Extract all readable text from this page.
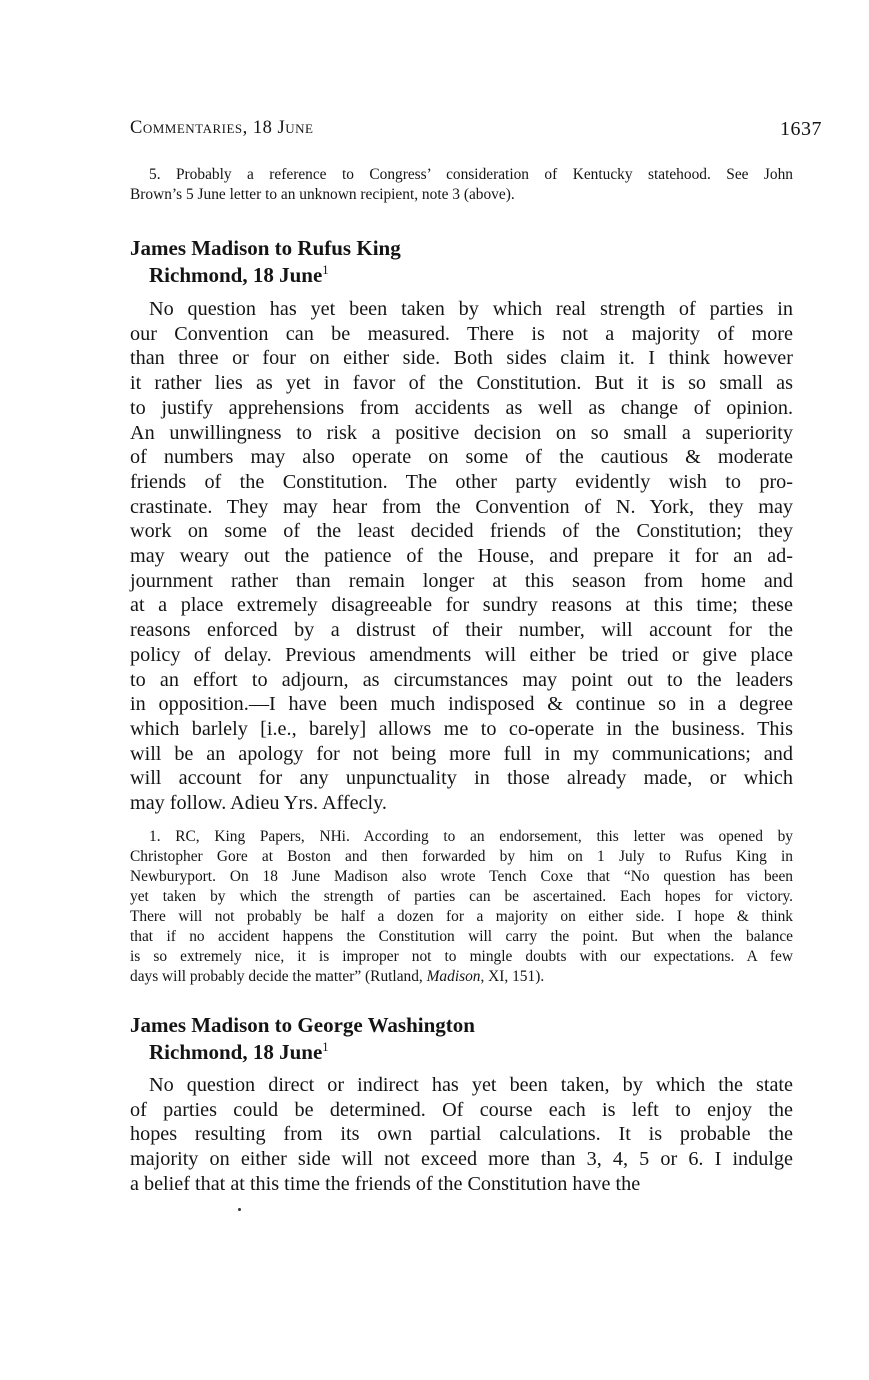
Commentaries, 18 June	1637
5. Probably a reference to Congress’ consideration of Kentucky statehood. See John
Brown’s 5 June letter to an unknown recipient, note 3 (above).
James Madison to Rufus King
Richmond, 18 June$^1$
No question has yet been taken by which real strength of parties in
our Convention can be measured. There is not a majority of more
than three or four on either side. Both sides claim it. I think however
it rather lies as yet in favor of the Constitution. But it is so small as
to justify apprehensions from accidents as well as change of opinion.
An unwillingness to risk a positive decision on so small a superiority
of numbers may also operate on some of the cautious & moderate
friends of the Constitution. The other party evidently wish to pro-
crastinate. They may hear from the Convention of N. York, they may
work on some of the least decided friends of the Constitution; they
may weary out the patience of the House, and prepare it for an ad-
journment rather than remain longer at this season from home and
at a place extremely disagreeable for sundry reasons at this time; these
reasons enforced by a distrust of their number, will account for the
policy of delay. Previous amendments will either be tried or give place
to an effort to adjourn, as circumstances may point out to the leaders
in opposition.—I have been much indisposed & continue so in a degree
which barlely [i.e., barely] allows me to co-operate in the business. This
will be an apology for not being more full in my communications; and
will account for any unpunctuality in those already made, or which
may follow. Adieu Yrs. Affecly.
1. RC, King Papers, NHi. According to an endorsement, this letter was opened by
Christopher Gore at Boston and then forwarded by him on 1 July to Rufus King in
Newburyport. On 18 June Madison also wrote Tench Coxe that “No question has been
yet taken by which the strength of parties can be ascertained. Each hopes for victory.
There will not probably be half a dozen for a majority on either side. I hope & think
that if no accident happens the Constitution will carry the point. But when the balance
is so extremely nice, it is improper not to mingle doubts with our expectations. A few
days will probably decide the matter” (Rutland, Madison, XI, 151).
James Madison to George Washington
Richmond, 18 June$^1$
No question direct or indirect has yet been taken, by which the state
of parties could be determined. Of course each is left to enjoy the
hopes resulting from its own partial calculations. It is probable the
majority on either side will not exceed more than 3, 4, 5 or 6. I indulge
a belief that at this time the friends of the Constitution have the
